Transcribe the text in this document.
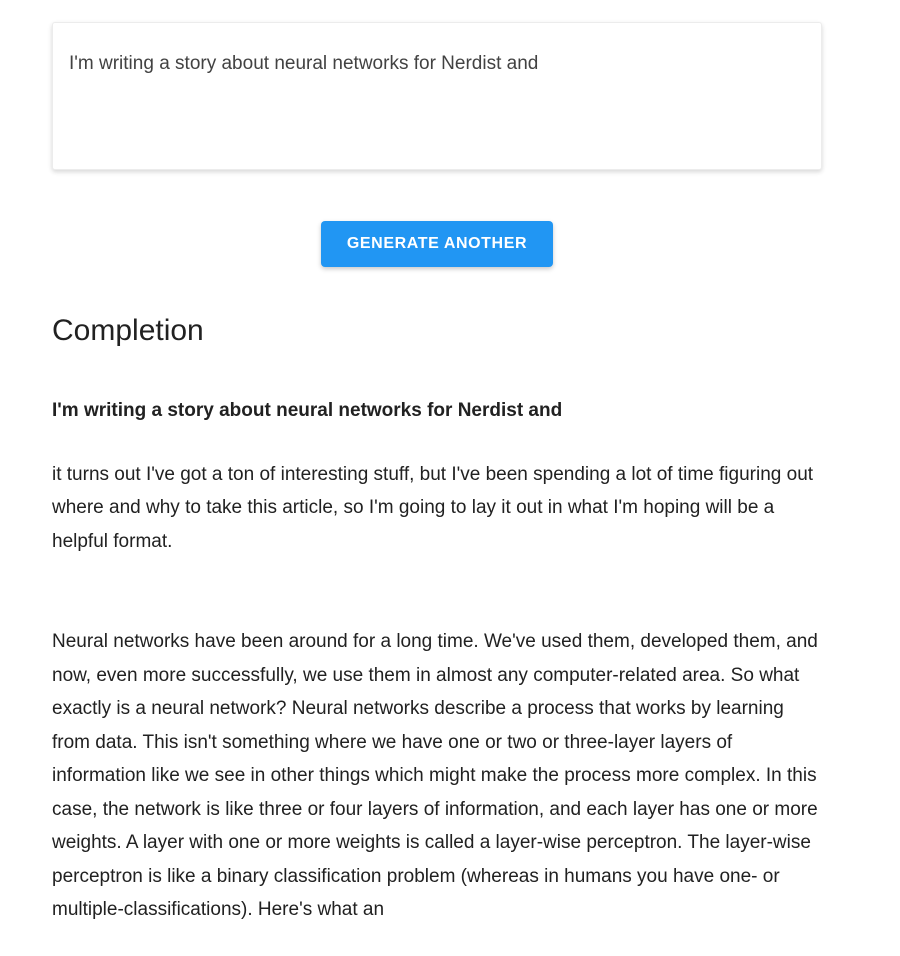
I'm writing a story about neural networks for Nerdist and
GENERATE ANOTHER
Completion
I'm writing a story about neural networks for Nerdist and
it turns out I've got a ton of interesting stuff, but I've been spending a lot of time figuring out where and why to take this article, so I'm going to lay it out in what I'm hoping will be a helpful format.
Neural networks have been around for a long time. We've used them, developed them, and now, even more successfully, we use them in almost any computer-related area. So what exactly is a neural network? Neural networks describe a process that works by learning from data. This isn't something where we have one or two or three-layer layers of information like we see in other things which might make the process more complex. In this case, the network is like three or four layers of information, and each layer has one or more weights. A layer with one or more weights is called a layer-wise perceptron. The layer-wise perceptron is like a binary classification problem (whereas in humans you have one- or multiple-classifications). Here's what an
